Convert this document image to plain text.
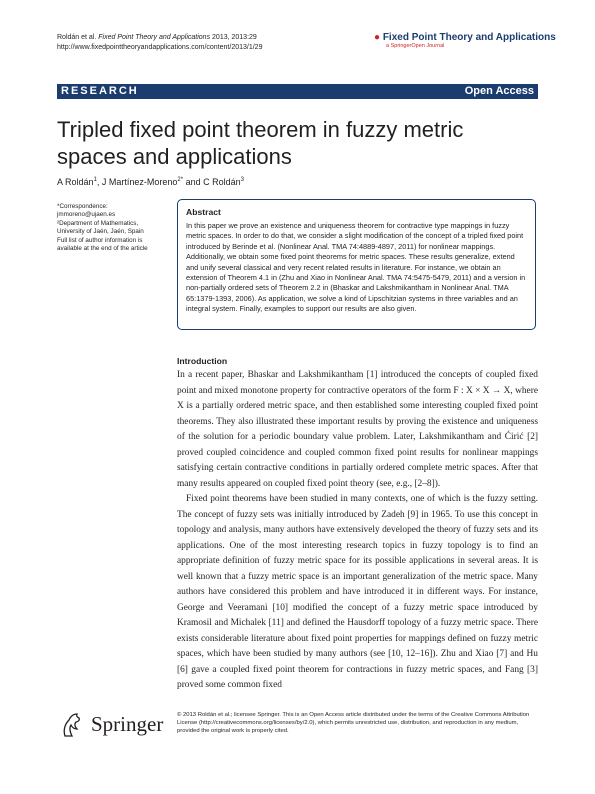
Roldán et al. Fixed Point Theory and Applications 2013, 2013:29
http://www.fixedpointtheoryandapplications.com/content/2013/1/29
● Fixed Point Theory and Applications
a SpringerOpen Journal
RESEARCH	Open Access
Tripled fixed point theorem in fuzzy metric spaces and applications
A Roldán$^1$, J Martínez-Moreno$^{2*}$ and C Roldán$^3$
*Correspondence:
jmmoreno@ujaen.es
²Department of Mathematics,
University of Jaén, Jaén, Spain
Full list of author information is
available at the end of the article
Abstract
In this paper we prove an existence and uniqueness theorem for contractive type mappings in fuzzy metric spaces. In order to do that, we consider a slight modification of the concept of a tripled fixed point introduced by Berinde et al. (Nonlinear Anal. TMA 74:4889-4897, 2011) for nonlinear mappings. Additionally, we obtain some fixed point theorems for metric spaces. These results generalize, extend and unify several classical and very recent related results in literature. For instance, we obtain an extension of Theorem 4.1 in (Zhu and Xiao in Nonlinear Anal. TMA 74:5475-5479, 2011) and a version in non-partially ordered sets of Theorem 2.2 in (Bhaskar and Lakshmikantham in Nonlinear Anal. TMA 65:1379-1393, 2006). As application, we solve a kind of Lipschitzian systems in three variables and an integral system. Finally, examples to support our results are also given.
Introduction

In a recent paper, Bhaskar and Lakshmikantham [1] introduced the concepts of coupled fixed point and mixed monotone property for contractive operators of the form F : X × X → X, where X is a partially ordered metric space, and then established some interesting coupled fixed point theorems. They also illustrated these important results by proving the existence and uniqueness of the solution for a periodic boundary value problem. Later, Lakshmikantham and Ćirić [2] proved coupled coincidence and coupled common fixed point results for nonlinear mappings satisfying certain contractive conditions in partially ordered complete metric spaces. After that many results appeared on coupled fixed point theory (see, e.g., [2–8]).

Fixed point theorems have been studied in many contexts, one of which is the fuzzy setting. The concept of fuzzy sets was initially introduced by Zadeh [9] in 1965. To use this concept in topology and analysis, many authors have extensively developed the theory of fuzzy sets and its applications. One of the most interesting research topics in fuzzy topology is to find an appropriate definition of fuzzy metric space for its possible applications in several areas. It is well known that a fuzzy metric space is an important generalization of the metric space. Many authors have considered this problem and have introduced it in different ways. For instance, George and Veeramani [10] modified the concept of a fuzzy metric space introduced by Kramosil and Michalek [11] and defined the Hausdorff topology of a fuzzy metric space. There exists considerable literature about fixed point properties for mappings defined on fuzzy metric spaces, which have been studied by many authors (see [10, 12–16]). Zhu and Xiao [7] and Hu [6] gave a coupled fixed point theorem for contractions in fuzzy metric spaces, and Fang [3] proved some common fixed

Springer © 2013 Roldán et al.; licensee Springer. This is an Open Access article distributed under the terms of the Creative Commons Attribution License (http://creativecommons.org/licenses/by/2.0), which permits unrestricted use, distribution, and reproduction in any medium, provided the original work is properly cited.
